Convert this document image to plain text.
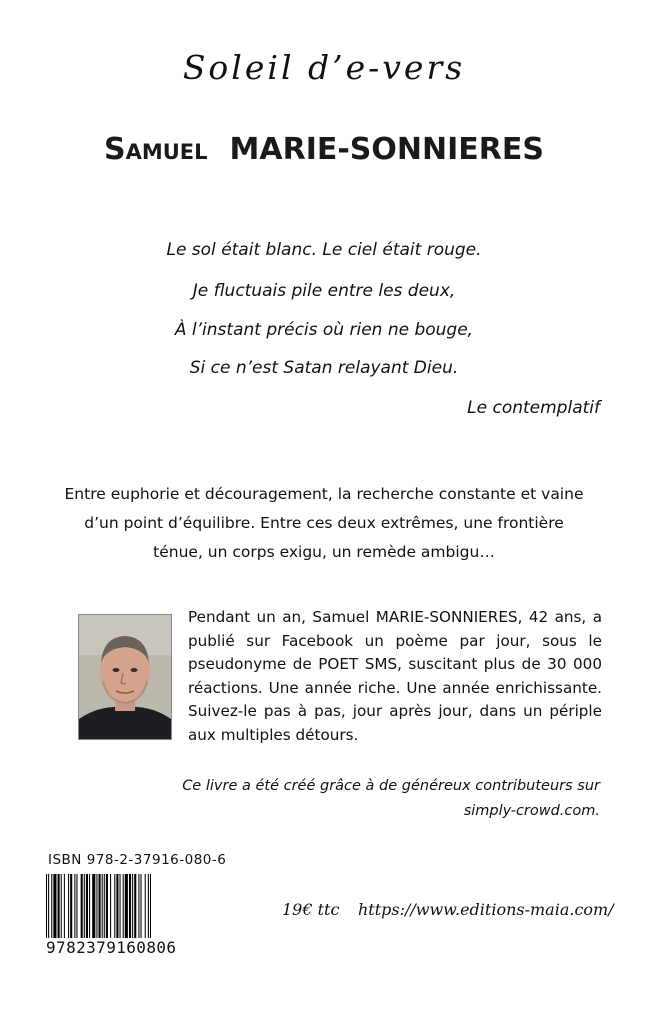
Soleil d’e-vers
Samuel MARIE-SONNIERES
Le sol était blanc. Le ciel était rouge.
Je fluctuais pile entre les deux,
À l’instant précis où rien ne bouge,
Si ce n’est Satan relayant Dieu.
Le contemplatif
Entre euphorie et découragement, la recherche constante et vaine d’un point d’équilibre. Entre ces deux extrêmes, une frontière ténue, un corps exigu, un remède ambigu…
Pendant un an, Samuel MARIE-SONNIERES, 42 ans, a publié sur Facebook un poème par jour, sous le pseudonyme de POET SMS, suscitant plus de 30 000 réactions. Une année riche. Une année enrichissante. Suivez-le pas à pas, jour après jour, dans un périple aux multiples détours.
Ce livre a été créé grâce à de généreux contributeurs sur
simply-crowd.com.
ISBN 978-2-37916-080-6
9782379160806
19€ ttc https://www.editions-maia.com/
